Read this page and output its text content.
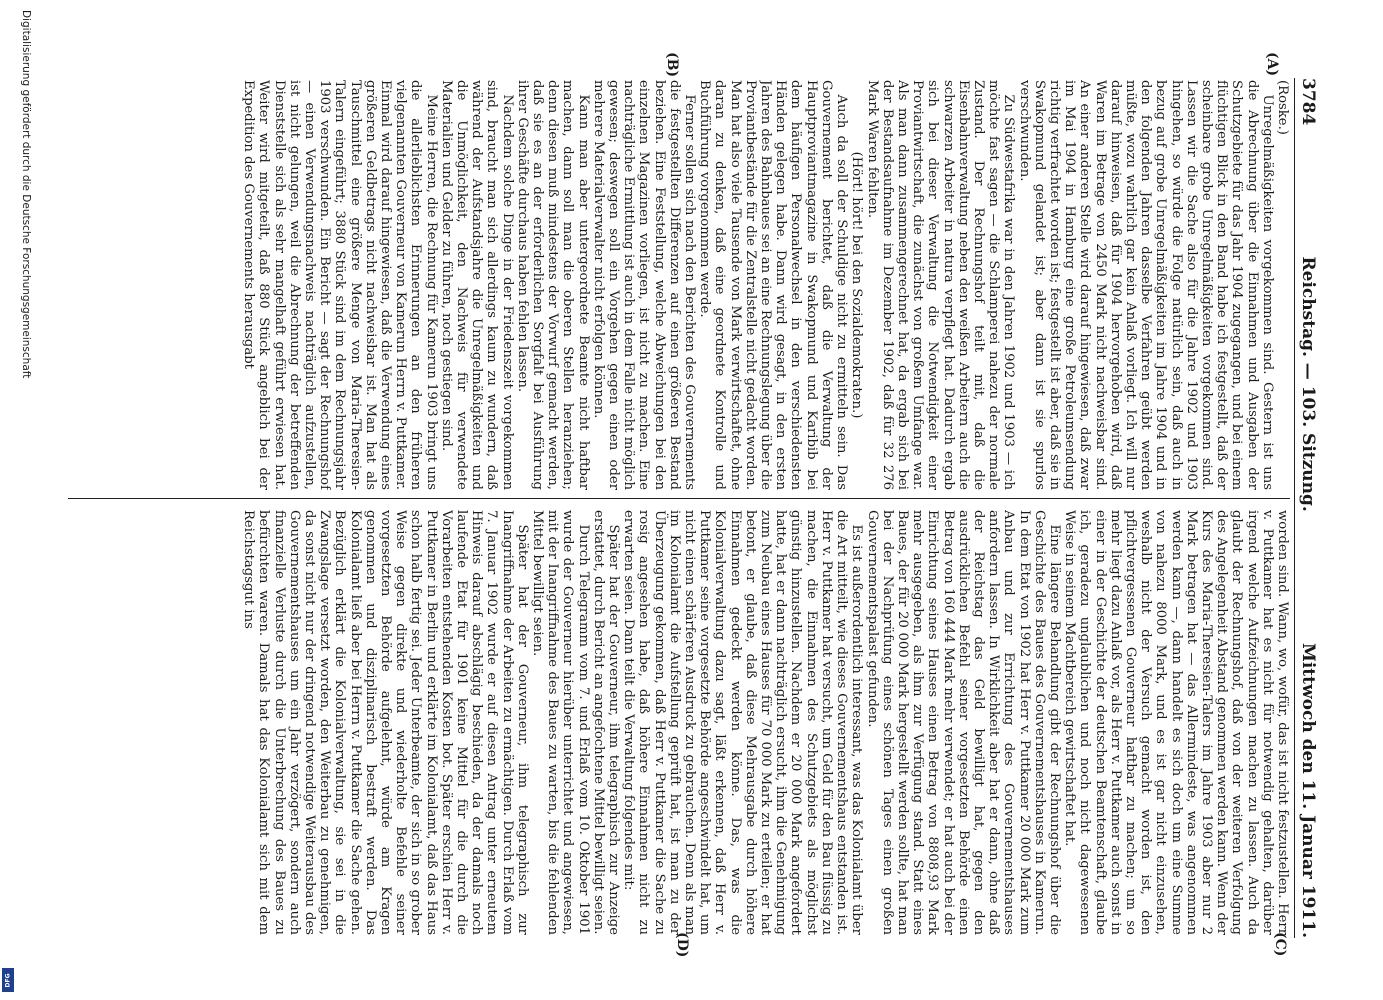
3784
Reichstag. — 103. Sitzung.
Mittwoch den 11. Januar 1911.
(A)
(B)
(C)
(D)

(Roske.)

Unregelmäßigkeiten vorgekommen sind. Gestern ist uns die Abrechnung über die Einnahmen und Ausgaben der Schutzgebiete für das Jahr 1904 zugegangen, und bei einem flüchtigen Blick in den Band habe ich festgestellt, daß der scheinbare grobe Unregelmäßigkeiten vorgekommen sind. Lassen wir die Sache also für die Jahre 1902 und 1903 hingehen, so würde die Folge natürlich sein, daß auch in bezug auf grobe Unregelmäßigkeiten im Jahre 1904 und in den folgenden Jahren dasselbe Verfahren geübt werden müßte, wozu wahrlich gar kein Anlaß vorliegt. Ich will nur darauf hinweisen, daß für 1904 hervorgehoben wird, daß Waren im Betrage von 2450 Mark nicht nachweisbar sind. An einer anderen Stelle wird darauf hingewiesen, daß zwar im Mai 1904 in Hamburg eine große Petroleumsendung richtig verfrachtet worden ist; festgestellt ist aber, daß sie in Swakopmund gelandet ist; aber dann ist sie spurlos verschwunden.

Zu Südwestafrika war in den Jahren 1902 und 1903 — ich möchte fast sagen — die Schlamperei nahezu der normale Zustand. Der Rechnungshof teilt mit, daß die Eisenbahnverwaltung neben den weißen Arbeitern auch die schwarzen Arbeiter in natura verpflegt hat. Dadurch ergab sich bei dieser Verwaltung die Notwendigkeit einer Proviantwirtschaft, die zunächst von großem Umfange war. Als man dann zusammengerechnet hat, da ergab sich bei der Bestandsaufnahme im Dezember 1902, daß für 32 276 Mark Waren fehlten.

(Hört! hört! bei den Sozialdemokraten.)

Auch da soll der Schuldige nicht zu ermitteln sein. Das Gouvernement berichtet, daß die Verwaltung der Hauptproviantmagazine in Swakopmund und Karibib bei dem häufigen Personalwechsel in den verschiedensten Händen gelegen habe. Dann wird gesagt, in den ersten Jahren des Bahnbaues sei an eine Rechnungslegung über die Proviantbestände für die Zentralstelle nicht gedacht worden. Man hat also viele Tausende von Mark verwirtschaftet, ohne daran zu denken, daß eine geordnete Kontrolle und Buchführung vorgenommen werde.

Ferner sollen sich nach den Berichten des Gouvernements die festgestellten Differenzen auf einen größeren Bestand beziehen. Eine Feststellung, welche Abweichungen bei den einzelnen Magazinen vorliegen, ist nicht zu machen. Eine nachträgliche Ermittlung ist auch in dem Falle nicht möglich gewesen; deswegen soll ein Vorgehen gegen einen oder mehrere Materialverwalter nicht erfolgen können.

Kann man aber untergeordnete Beamte nicht haftbar machen, dann soll man die oberen Stellen heranziehen; denn diesen muß mindestens der Vorwurf gemacht werden, daß sie es an der erforderlichen Sorgfalt bei Ausführung ihrer Geschäfte durchaus haben fehlen lassen.

Nachdem solche Dinge in der Friedenszeit vorgekommen sind, braucht man sich allerdings kaum zu wundern, daß während der Aufstandsjahre die Unregelmäßigkeiten und die Unmöglichkeit, den Nachweis für verwendete Materialien und Gelder zu führen, noch gestiegen sind.

Meine Herren, die Rechnung für Kamerun 1903 bringt uns die allerlieblichsten Erinnerungen an den früheren vielgenannten Gouverneur von Kamerun Herrn v. Puttkamer. Einmal wird darauf hingewiesen, daß die Verwendung eines größeren Geldbetrags nicht nachweisbar ist. Man hat als Tauschmittel eine größere Menge von Maria-Theresien-Talern eingeführt; 3880 Stück sind im dem Rechnungsjahr 1903 verschwunden. Ein Bericht — sagt der Rechnungshof — einen Verwendungsnachweis nachträglich aufzustellen, ist nicht gelungen, weil die Abrechnung der betreffenden Dienststelle sich als sehr mangelhaft geführt erwiesen hat. Weiter wird mitgeteilt, daß 880 Stück angeblich bei der Expedition des Gouvernements herausgabt

worden sind. Wann, wo, wofür, das ist nicht festzustellen. Herr v. Puttkamer hat es nicht für notwendig gehalten, darüber irgend welche Aufzeichnungen machen zu lassen. Auch da glaubt der Rechnungshof, daß von der weiteren Verfolgung des Angelegenheit Abstand genommen werden kann. Wenn der Kurs des Maria-Theresien-Talers im Jahre 1903 aber nur 2 Mark betragen hat — das Allermindeste, was angenommen werden kann —, dann handelt es sich doch um eine Summe von nahezu 8000 Mark, und es ist gar nicht einzusehen, weshalb nicht der Versuch gemacht worden ist, den pflichtvergessenen Gouverneur haftbar zu machen; um so mehr liegt dazu Anlaß vor, als Herr v. Puttkamer auch sonst in einer in der Geschichte der deutschen Beamtenschaft, glaube ich, geradezu unglaublichen und noch nicht dagewesenen Weise in seinem Machtbereich gewirtschaftet hat.

Eine längere Behandlung gibt der Rechnungshof über die Geschichte des Baues des Gouvernementshauses in Kamerun. In dem Etat von 1902 hat Herr v. Puttkamer 20 000 Mark zum Anbau und zur Errichtung des Gouvernementshauses anfordern lassen. In Wirklichkeit aber hat er dann, ohne daß der Reichstag das Geld bewilligt hat, gegen den ausdrücklichen Befehl seiner vorgesetzten Behörde einen Betrag von 160 444 Mark mehr verwendet; er hat auch bei der Einrichtung seines Hauses einen Betrag von 8808,93 Mark mehr ausgegeben, als ihm zur Verfügung stand. Statt eines Baues, der für 20 000 Mark hergestellt werden sollte, hat man bei der Nachprüfung eines schönen Tages einen großen Gouvernementspalast gefunden.

Es ist außerordentlich interessant, was das Kolonialamt über die Art mitteilt, wie dieses Gouvernementshaus entstanden ist. Herr v. Puttkamer hat versucht, um Geld für den Bau flüssig zu machen, die Einnahmen des Schutzgebiets als möglichst günstig hinzustellen. Nachdem er 20 000 Mark angefordert hatte, hat er dann nachträglich ersucht, ihm die Genehmigung zum Neubau eines Hauses für 70 000 Mark zu erteilen; er hat betont, er glaube, daß diese Mehrausgabe durch höhere Einnahmen gedeckt werden könne. Das, was die Kolonialverwaltung dazu sagt, läßt erkennen, daß Herr v. Puttkamer seine vorgesetzte Behörde angeschwindelt hat, um nicht einen schärferen Ausdruck zu gebrauchen. Denn als man im Kolonialamt die Aufstellung geprüft hat, ist man zu der Überzeugung gekommen, daß Herr v. Puttkamer die Sache zu rosig angesehen habe, daß höhere Einnahmen nicht zu erwarten seien. Dann teilt die Verwaltung folgendes mit:

Später hat der Gouverneur, ihm telegraphisch zur Anzeige erstattet, durch Bericht an angefochtene Mittel bewilligt seien.

Durch Telegramm vom 7. und Erlaß vom 10. Oktober 1901 wurde der Gouverneur hierüber unterrichtet und angewiesen, mit der Inangriffnahme des Baues zu warten, bis die fehlenden Mittel bewilligt seien.

Später hat der Gouverneur, ihm telegraphisch zur Inangriffnahme der Arbeiten zu ermächtigen. Durch Erlaß vom 7. Januar 1902 wurde er auf diesen Antrag unter erneutem Hinweis darauf abschlägig beschieden, da der damals noch laufende Etat für 1901 keine Mittel für die durch die Vorarbeiten entstehenden Kosten bot. Später erschien Herr v. Puttkamer in Berlin und erklärte im Kolonialamt, daß das Haus schon halb fertig sei. Jeder Unterbeamte, der sich in so grober Weise gegen direkte und wiederholte Befehle seiner vorgesetzten Behörde aufgelehnt, würde am Kragen genommen und disziplinarisch bestraft werden. Das Kolonialamt ließ aber bei Herrn v. Puttkamer die Sache gehen. Bezüglich erklärt die Kolonialverwaltung, sie sei in die Zwangslage versetzt worden, den Weiterbau zu genehmigen, da sonst nicht nur der dringend notwendige Weiterausbau des Gouvernementshauses um ein Jahr verzögert, sondern auch finanzielle Verluste durch die Unterbrechung des Baues zu befürchten waren. Damals hat das Kolonialamt sich mit dem Reichstagsgut ins

Digitalisierung gefördert durch die Deutsche Forschungsgemeinschaft
DFG
